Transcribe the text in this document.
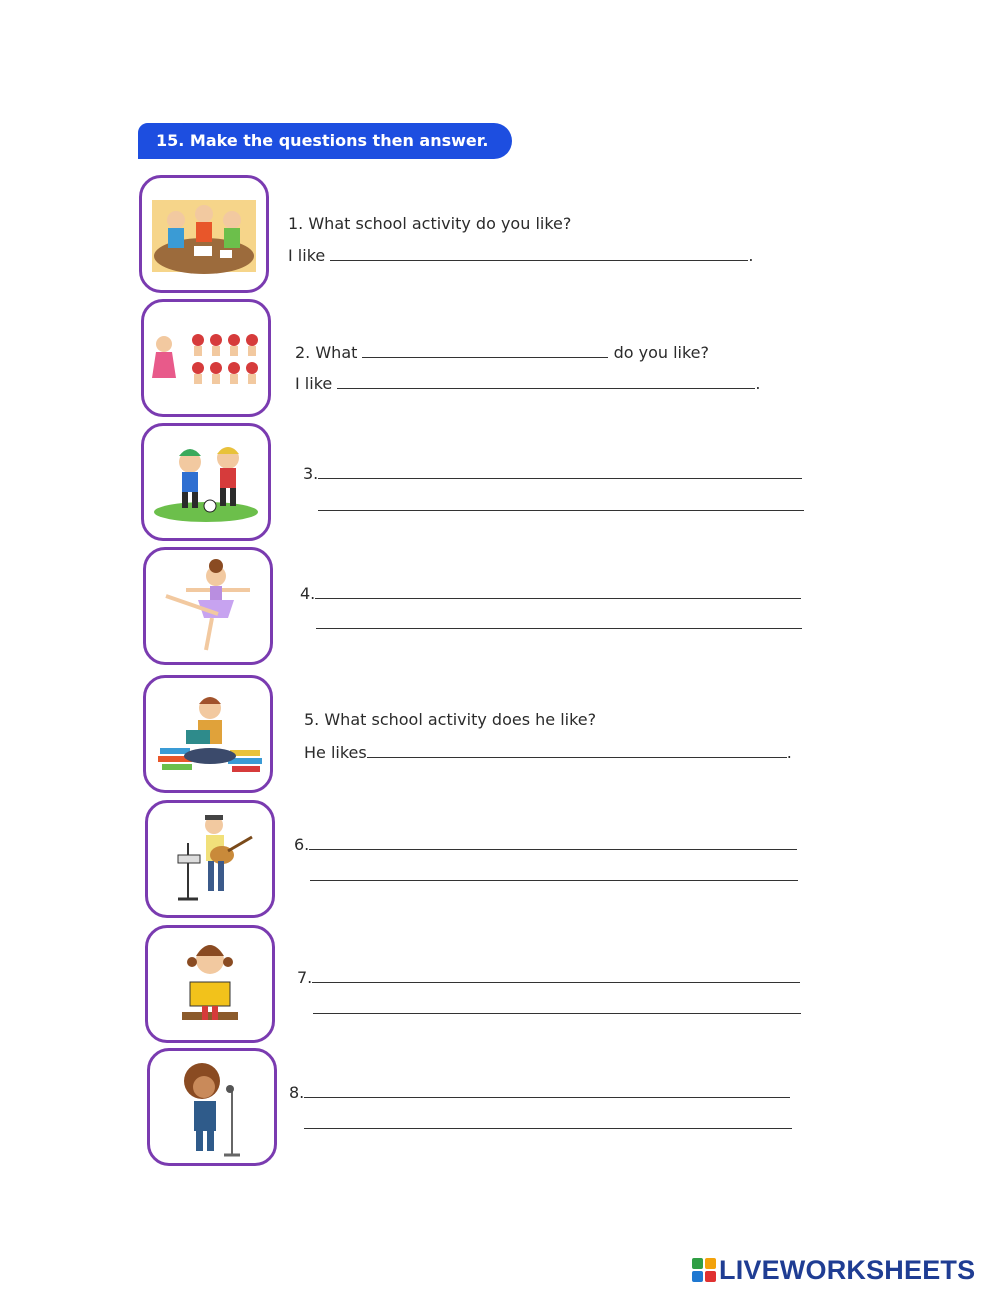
15. Make the questions then answer.
1. What school activity do you like?
I like	.
2. What	do you like?
I like	.
3.
4.
5. What school activity does he like?
He likes	.
6.
7.
8.
LIVEWORKSHEETS
